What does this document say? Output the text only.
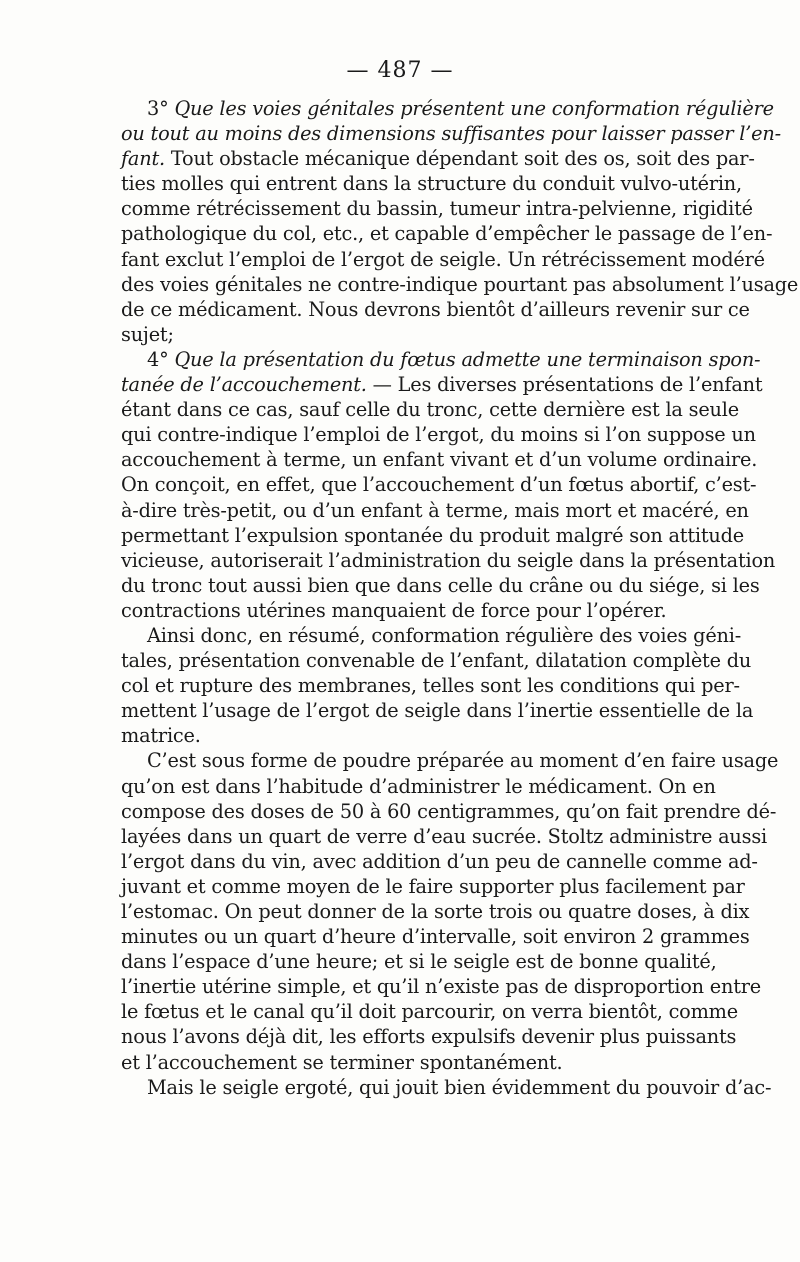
— 487 —
3° Que les voies génitales présentent une conformation régulière
ou tout au moins des dimensions suffisantes pour laisser passer l’en-
fant. Tout obstacle mécanique dépendant soit des os, soit des par-
ties molles qui entrent dans la structure du conduit vulvo-utérin,
comme rétrécissement du bassin, tumeur intra-pelvienne, rigidité
pathologique du col, etc., et capable d’empêcher le passage de l’en-
fant exclut l’emploi de l’ergot de seigle. Un rétrécissement modéré
des voies génitales ne contre-indique pourtant pas absolument l’usage
de ce médicament. Nous devrons bientôt d’ailleurs revenir sur ce
sujet;
4° Que la présentation du fœtus admette une terminaison spon-
tanée de l’accouchement. — Les diverses présentations de l’enfant
étant dans ce cas, sauf celle du tronc, cette dernière est la seule
qui contre-indique l’emploi de l’ergot, du moins si l’on suppose un
accouchement à terme, un enfant vivant et d’un volume ordinaire.
On conçoit, en effet, que l’accouchement d’un fœtus abortif, c’est-
à-dire très-petit, ou d’un enfant à terme, mais mort et macéré, en
permettant l’expulsion spontanée du produit malgré son attitude
vicieuse, autoriserait l’administration du seigle dans la présentation
du tronc tout aussi bien que dans celle du crâne ou du siége, si les
contractions utérines manquaient de force pour l’opérer.
Ainsi donc, en résumé, conformation régulière des voies géni-
tales, présentation convenable de l’enfant, dilatation complète du
col et rupture des membranes, telles sont les conditions qui per-
mettent l’usage de l’ergot de seigle dans l’inertie essentielle de la
matrice.
C’est sous forme de poudre préparée au moment d’en faire usage
qu’on est dans l’habitude d’administrer le médicament. On en
compose des doses de 50 à 60 centigrammes, qu’on fait prendre dé-
layées dans un quart de verre d’eau sucrée. Stoltz administre aussi
l’ergot dans du vin, avec addition d’un peu de cannelle comme ad-
juvant et comme moyen de le faire supporter plus facilement par
l’estomac. On peut donner de la sorte trois ou quatre doses, à dix
minutes ou un quart d’heure d’intervalle, soit environ 2 grammes
dans l’espace d’une heure; et si le seigle est de bonne qualité,
l’inertie utérine simple, et qu’il n’existe pas de disproportion entre
le fœtus et le canal qu’il doit parcourir, on verra bientôt, comme
nous l’avons déjà dit, les efforts expulsifs devenir plus puissants
et l’accouchement se terminer spontanément.
Mais le seigle ergoté, qui jouit bien évidemment du pouvoir d’ac-
